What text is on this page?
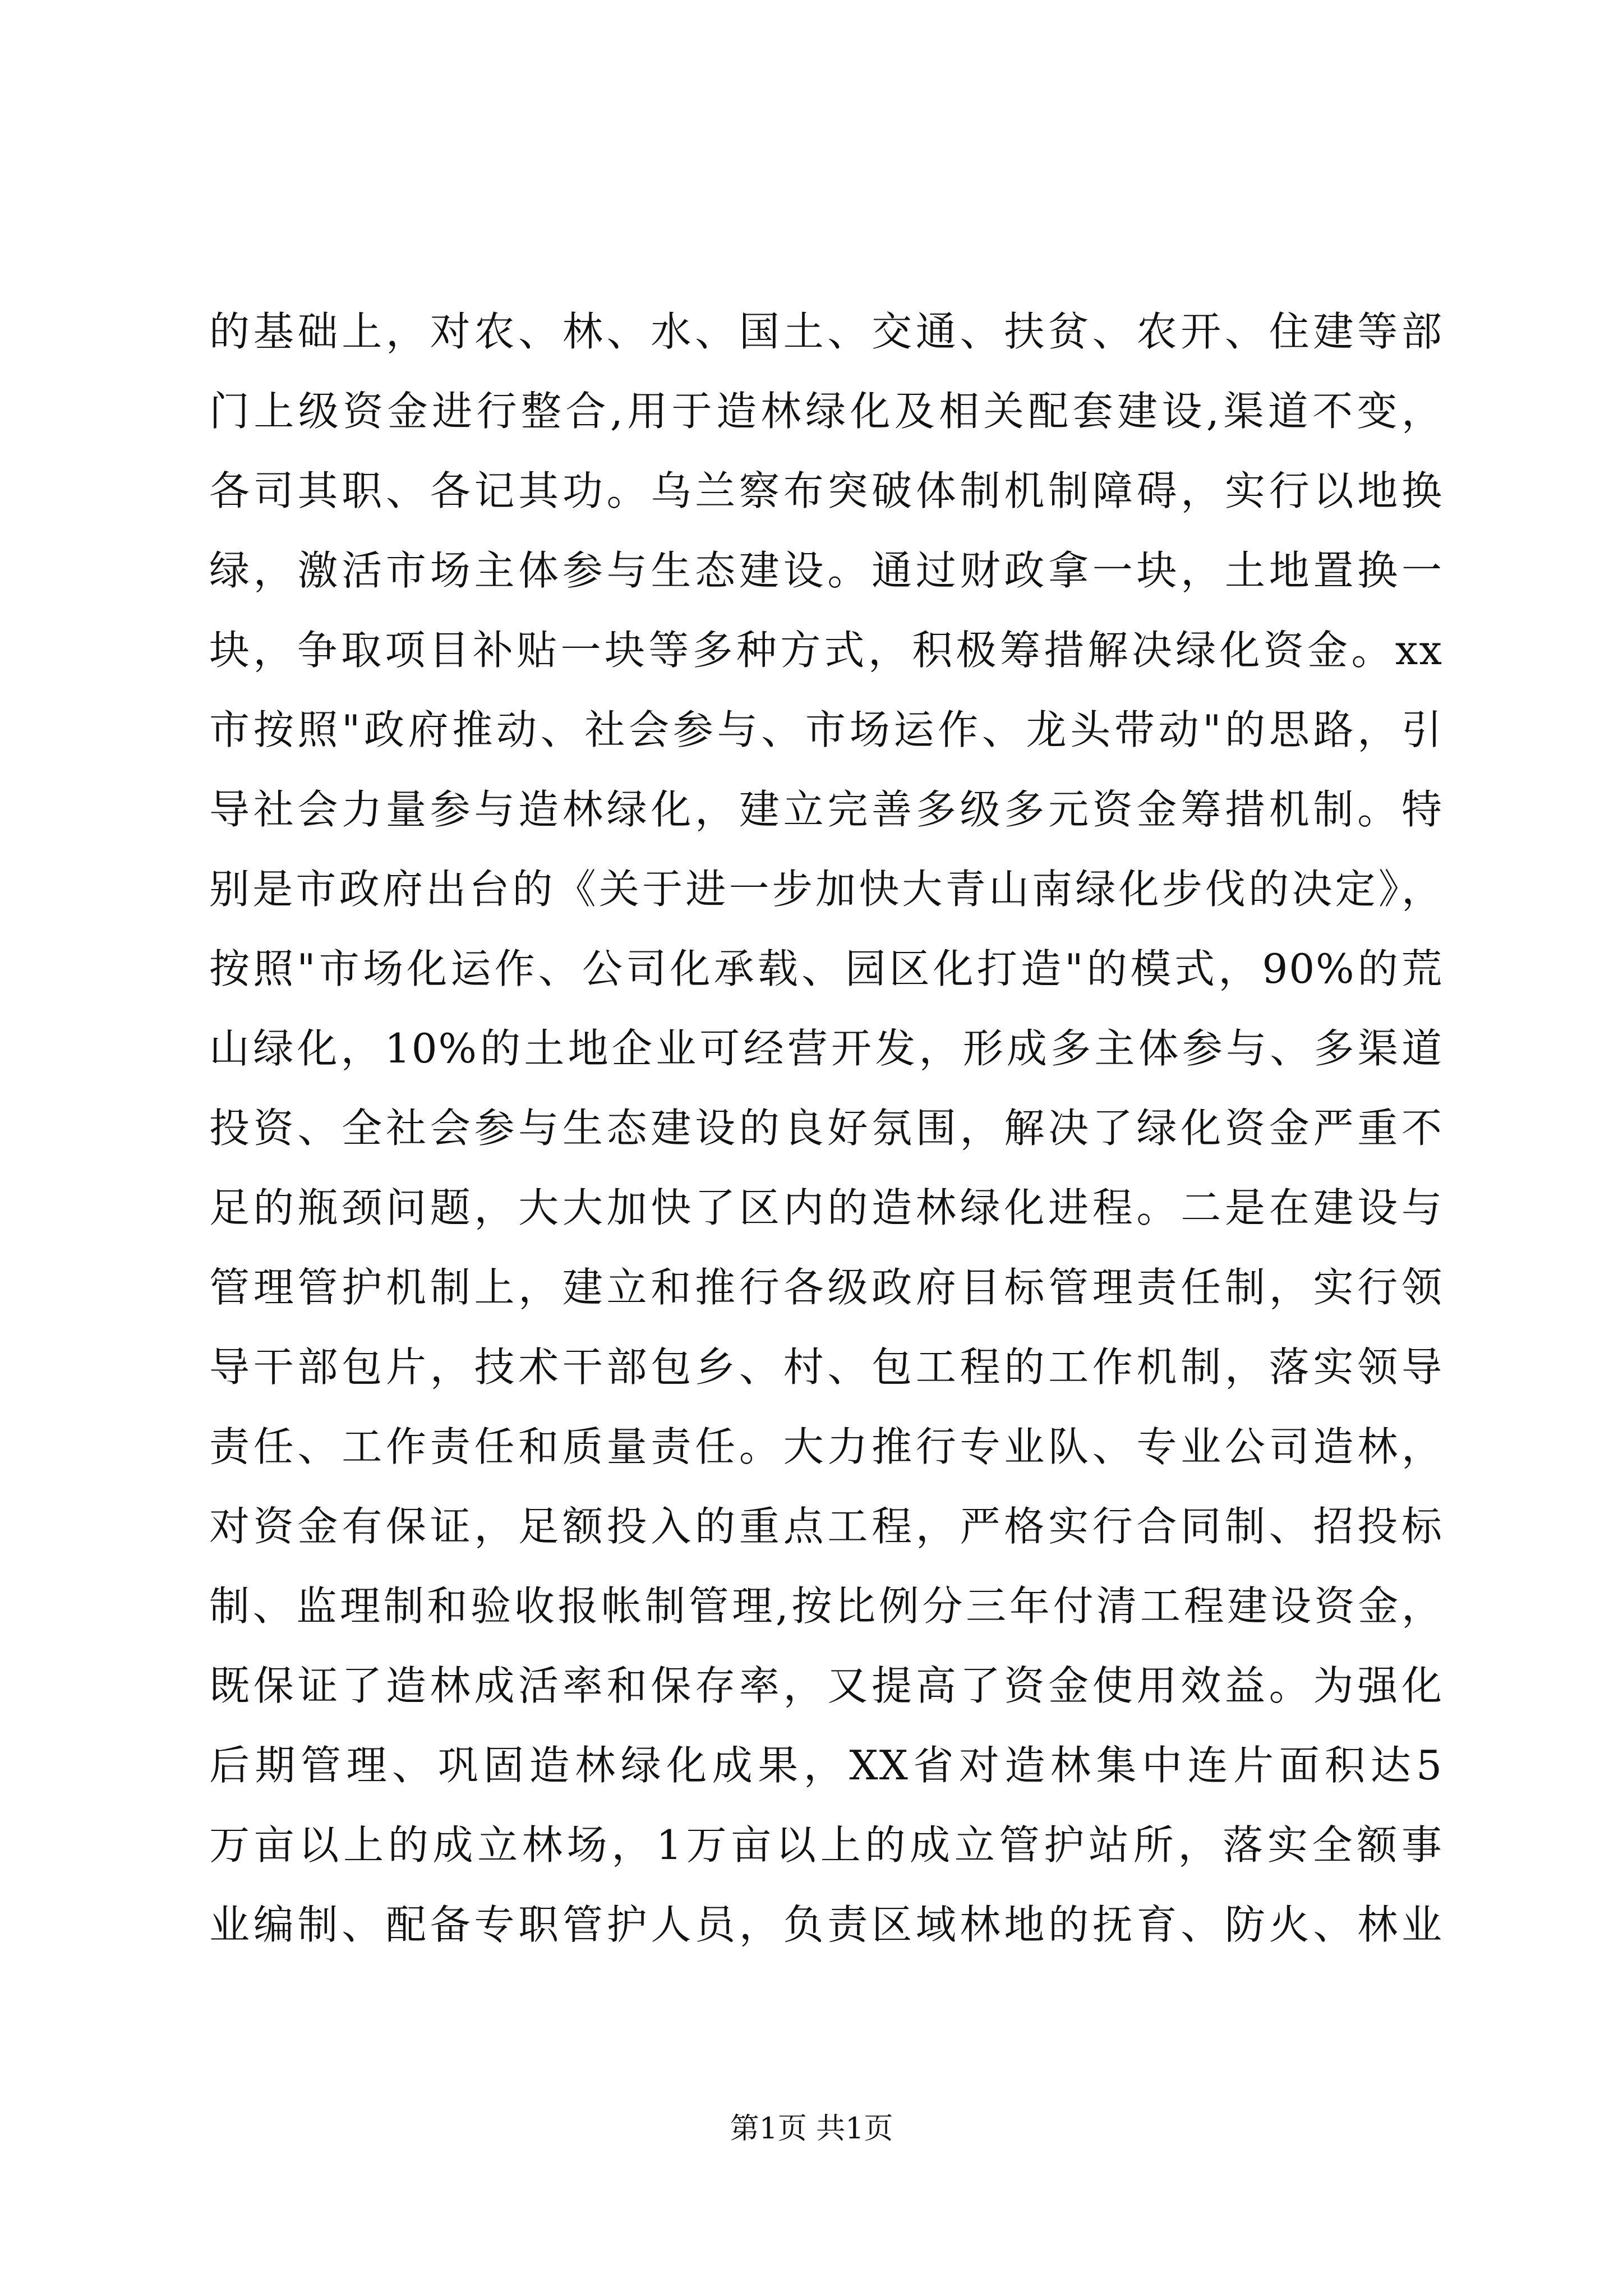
的基础上，对农、林、水、国土、交通、扶贫、农开、住建等部
门上级资金进行整合,用于造林绿化及相关配套建设,渠道不变，
各司其职、各记其功。乌兰察布突破体制机制障碍，实行以地换
绿，激活市场主体参与生态建设。通过财政拿一块，土地置换一
块，争取项目补贴一块等多种方式，积极筹措解决绿化资金。xx
市按照"政府推动、社会参与、市场运作、龙头带动"的思路，引
导社会力量参与造林绿化，建立完善多级多元资金筹措机制。特
别是市政府出台的《关于进一步加快大青山南绿化步伐的决定》，
按照"市场化运作、公司化承载、园区化打造"的模式，90%的荒
山绿化，10%的土地企业可经营开发，形成多主体参与、多渠道
投资、全社会参与生态建设的良好氛围，解决了绿化资金严重不
足的瓶颈问题，大大加快了区内的造林绿化进程。二是在建设与
管理管护机制上，建立和推行各级政府目标管理责任制，实行领
导干部包片，技术干部包乡、村、包工程的工作机制，落实领导
责任、工作责任和质量责任。大力推行专业队、专业公司造林，
对资金有保证，足额投入的重点工程，严格实行合同制、招投标
制、监理制和验收报帐制管理,按比例分三年付清工程建设资金，
既保证了造林成活率和保存率，又提高了资金使用效益。为强化
后期管理、巩固造林绿化成果，XX省对造林集中连片面积达5
万亩以上的成立林场，1万亩以上的成立管护站所，落实全额事
业编制、配备专职管护人员，负责区域林地的抚育、防火、林业
第1页 共1页
